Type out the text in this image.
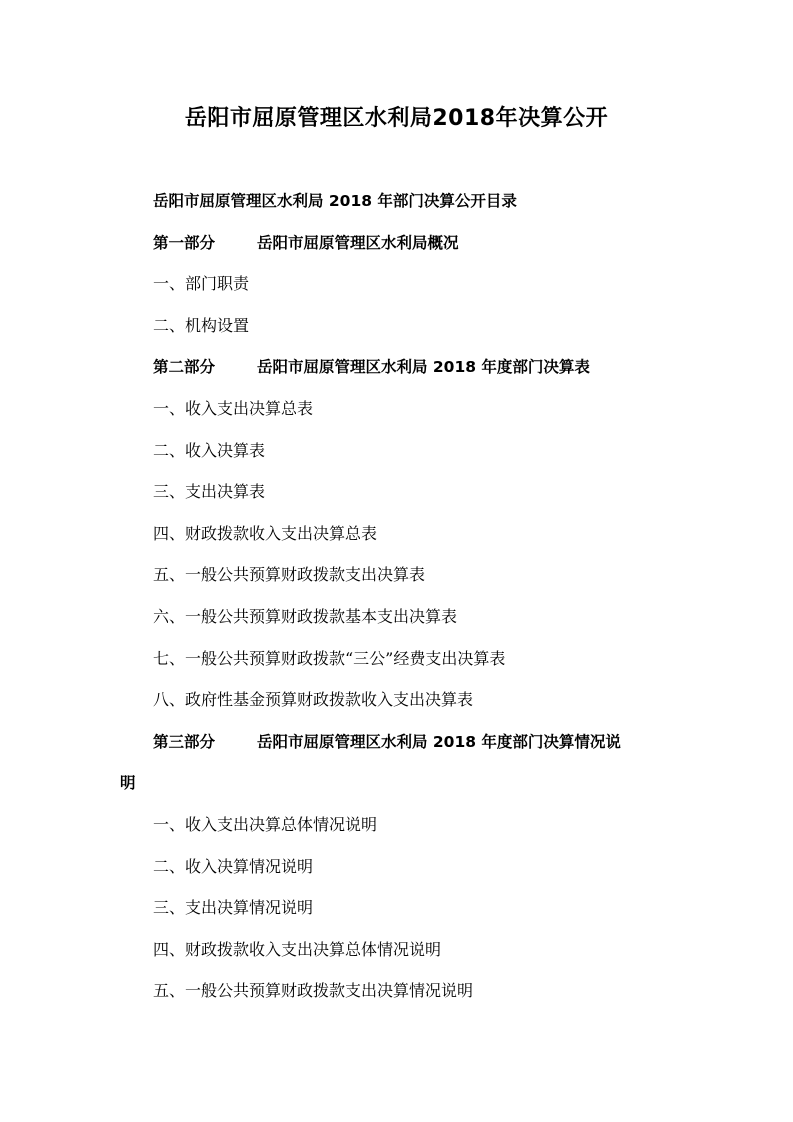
岳阳市屈原管理区水利局2018年决算公开
岳阳市屈原管理区水利局 2018 年部门决算公开目录
第一部分	岳阳市屈原管理区水利局概况
一、部门职责
二、机构设置
第二部分	岳阳市屈原管理区水利局 2018 年度部门决算表
一、收入支出决算总表
二、收入决算表
三、支出决算表
四、财政拨款收入支出决算总表
五、一般公共预算财政拨款支出决算表
六、一般公共预算财政拨款基本支出决算表
七、一般公共预算财政拨款“三公”经费支出决算表
八、政府性基金预算财政拨款收入支出决算表
第三部分	岳阳市屈原管理区水利局 2018 年度部门决算情况说
明
一、收入支出决算总体情况说明
二、收入决算情况说明
三、支出决算情况说明
四、财政拨款收入支出决算总体情况说明
五、一般公共预算财政拨款支出决算情况说明
